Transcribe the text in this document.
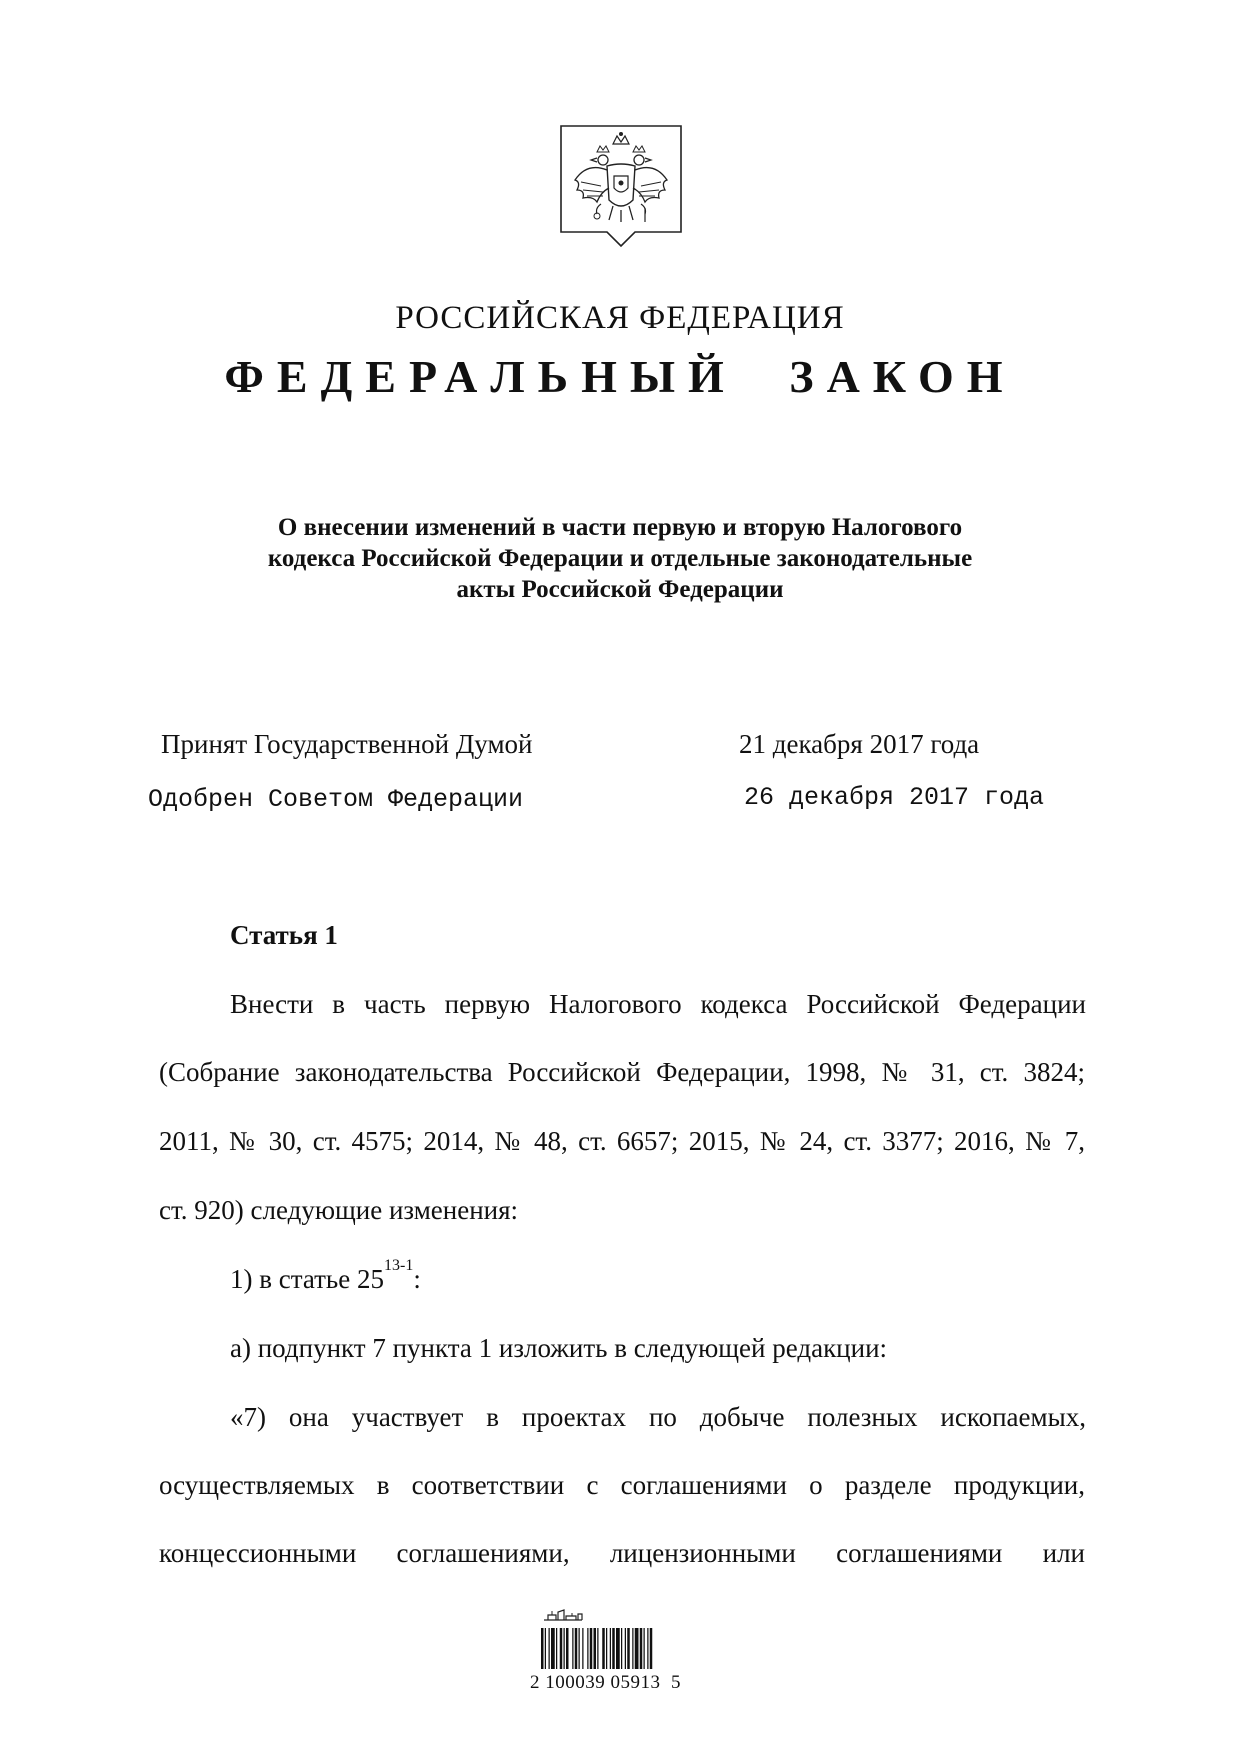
РОССИЙСКАЯ ФЕДЕРАЦИЯ
ФЕДЕРАЛЬНЫЙ ЗАКОН
О внесении изменений в части первую и вторую Налогового
кодекса Российской Федерации и отдельные законодательные
акты Российской Федерации
Принят Государственной Думой	21 декабря 2017 года
Одобрен Советом Федерации	26 декабря 2017 года
Статья 1
Внести в часть первую Налогового кодекса Российской Федерации
(Собрание законодательства Российской Федерации, 1998, № 31, ст. 3824;
2011, № 30, ст. 4575; 2014, № 48, ст. 6657; 2015, № 24, ст. 3377; 2016, № 7,
ст. 920) следующие изменения:
1) в статье 25$^{13-1}$:
а) подпункт 7 пункта 1 изложить в следующей редакции:
«7) она участвует в проектах по добыче полезных ископаемых,
осуществляемых в соответствии с соглашениями о разделе продукции,
концессионными соглашениями, лицензионными соглашениями или
2 100039 05913  5
